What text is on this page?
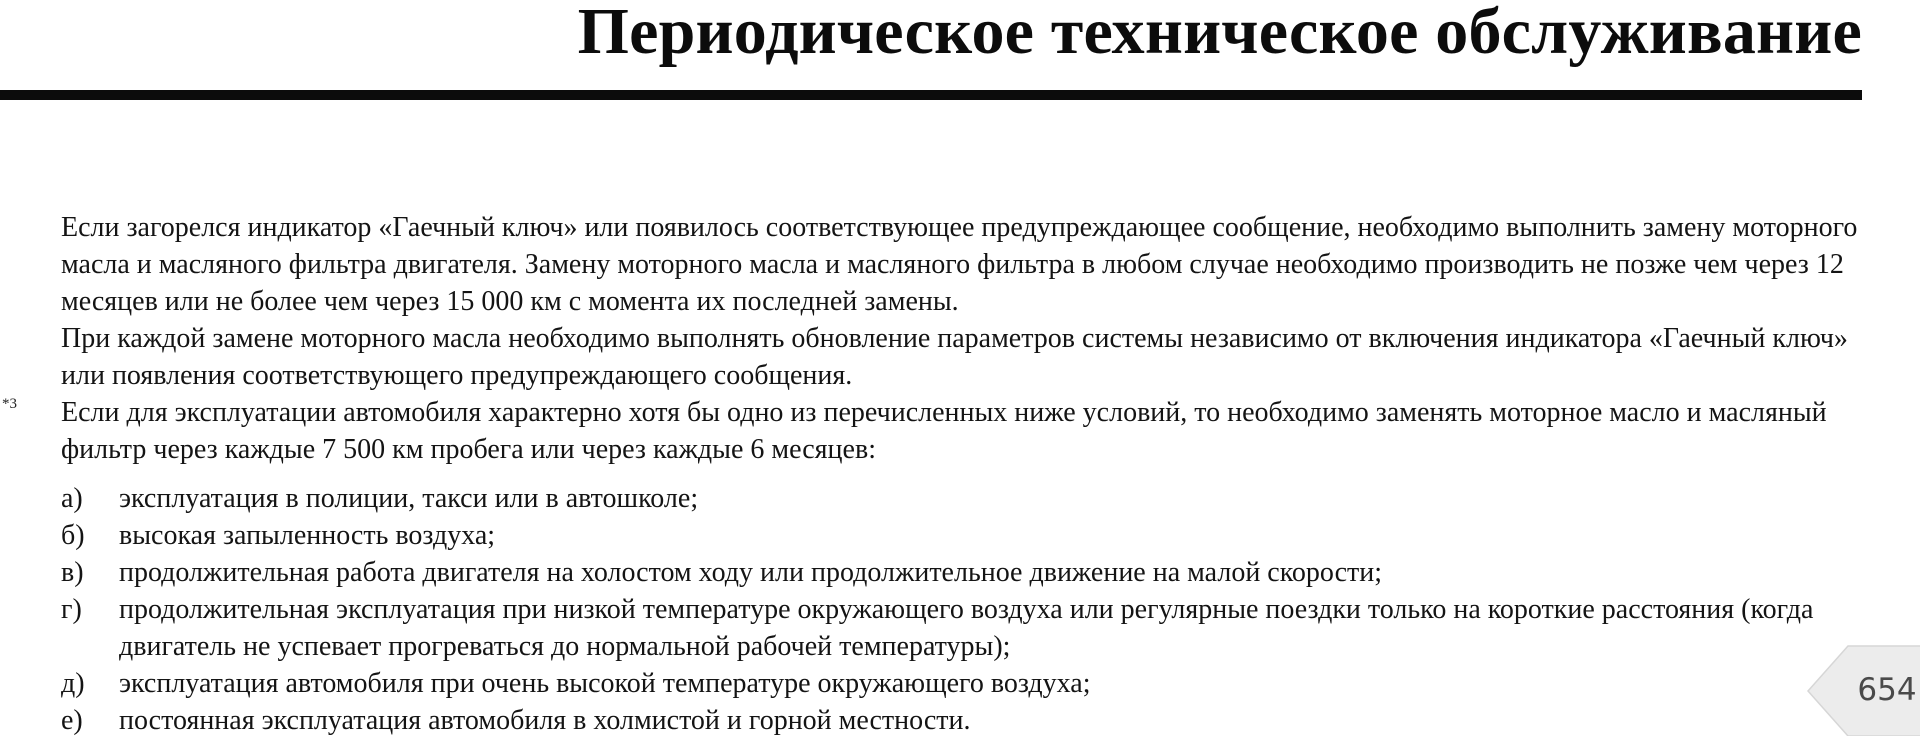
Периодическое техническое обслуживание
*3

Если загорелся индикатор «Гаечный ключ» или появилось соответствующее предупреждающее сообщение, необходимо выполнить замену моторного масла и масляного фильтра двигателя. Замену моторного масла и масляного фильтра в любом случае необходимо производить не позже чем через 12 месяцев или не более чем через 15 000 км с момента их последней замены.

При каждой замене моторного масла необходимо выполнять обновление параметров системы независимо от включения индикатора «Гаечный ключ» или появления соответствующего предупреждающего сообщения.

Если для эксплуатации автомобиля характерно хотя бы одно из перечисленных ниже условий, то необходимо заменять моторное масло и масляный фильтр через каждые 7 500 км пробега или через каждые 6 месяцев:

а)	эксплуатация в полиции, такси или в автошколе;
б)	высокая запыленность воздуха;
в)	продолжительная работа двигателя на холостом ходу или продолжительное движение на малой скорости;
г)	продолжительная эксплуатация при низкой температуре окружающего воздуха или регулярные поездки только на короткие расстояния (когда двигатель не успевает прогреваться до нормальной рабочей температуры);
д)	эксплуатация автомобиля при очень высокой температуре окружающего воздуха;
е)	постоянная эксплуатация автомобиля в холмистой и горной местности.
654
